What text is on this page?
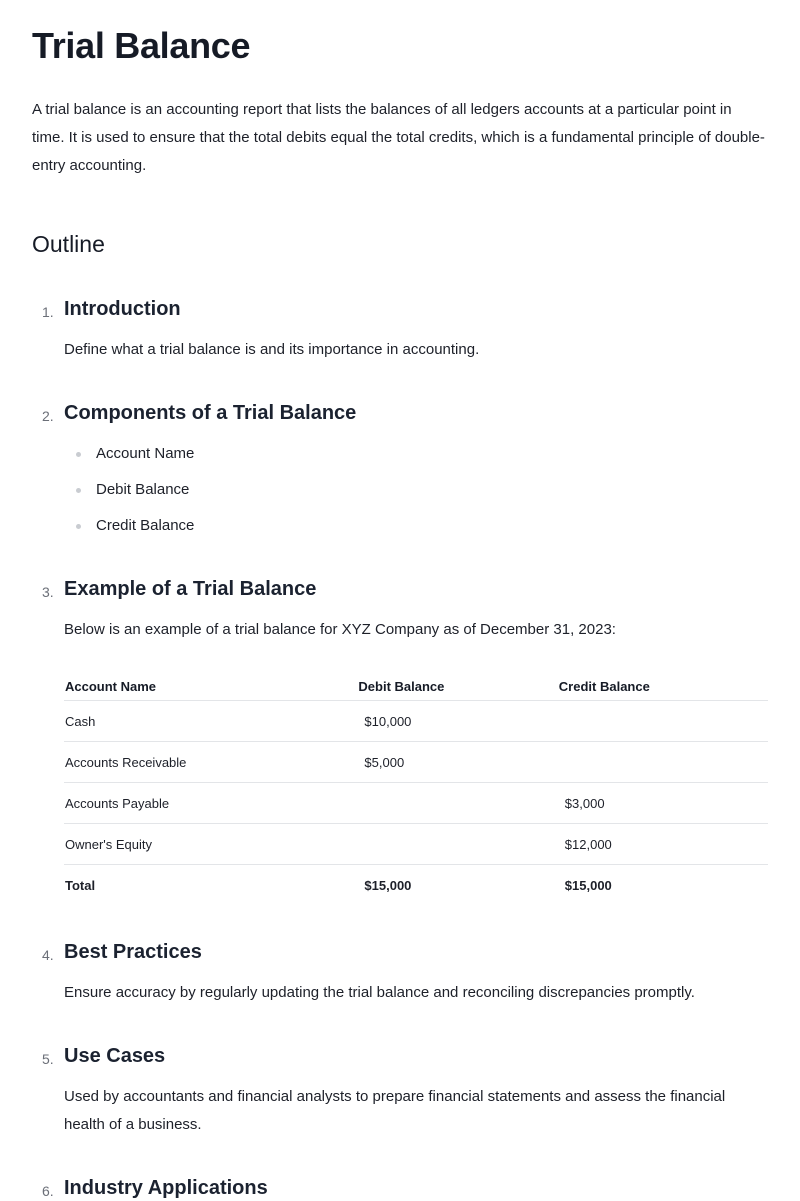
Trial Balance

A trial balance is an accounting report that lists the balances of all ledgers accounts at a particular point in time. It is used to ensure that the total debits equal the total credits, which is a fundamental principle of double-entry accounting.

Outline
1. Introduction

Define what a trial balance is and its importance in accounting.

2. Components of a Trial Balance
Account Name
Debit Balance
Credit Balance
3. Example of a Trial Balance

Below is an example of a trial balance for XYZ Company as of December 31, 2023:

Account Name	Debit Balance	Credit Balance
Cash	$10,000	
Accounts Receivable	$5,000	
Accounts Payable		$3,000
Owner's Equity		$12,000
Total	$15,000	$15,000
4. Best Practices

Ensure accuracy by regularly updating the trial balance and reconciling discrepancies promptly.

5. Use Cases

Used by accountants and financial analysts to prepare financial statements and assess the financial health of a business.

6. Industry Applications
